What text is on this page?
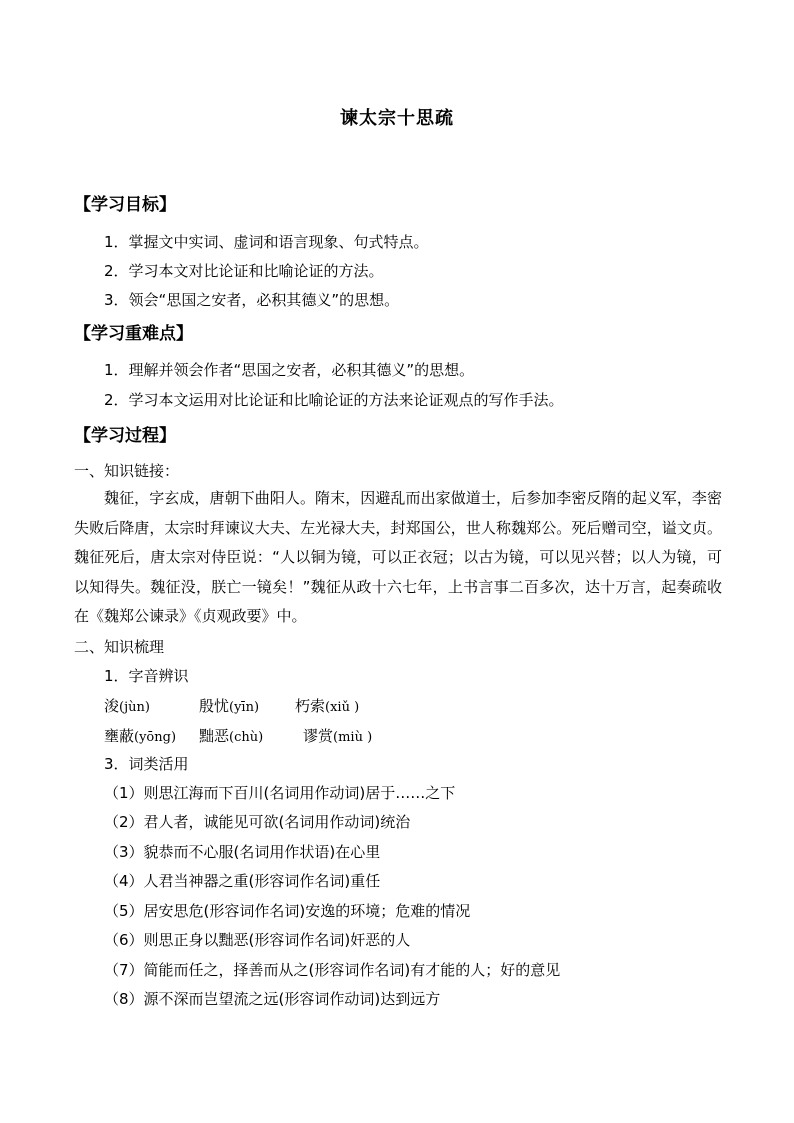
谏太宗十思疏
【学习目标】
1．掌握文中实词、虚词和语言现象、句式特点。
2．学习本文对比论证和比喻论证的方法。
3．领会“思国之安者，必积其德义”的思想。
【学习重难点】
1．理解并领会作者“思国之安者，必积其德义”的思想。
2．学习本文运用对比论证和比喻论证的方法来论证观点的写作手法。
【学习过程】
一、知识链接：
魏征，字玄成，唐朝下曲阳人。隋末，因避乱而出家做道士，后参加李密反隋的起义军，李密失败后降唐，太宗时拜谏议大夫、左光禄大夫，封郑国公，世人称魏郑公。死后赠司空，谥文贞。魏征死后，唐太宗对侍臣说：“人以铜为镜，可以正衣冠；以古为镜，可以见兴替；以人为镜，可以知得失。魏征没，朕亡一镜矣！”魏征从政十六七年，上书言事二百多次，达十万言，起奏疏收在《魏郑公谏录》《贞观政要》中。
二、知识梳理
1．字音辨识
浚(jùn)	殷忧(yīn) 朽索(xiǔ )
壅蔽(yōng) 黜恶(chù)	谬赏(miù )
3．词类活用
（1）则思江海而下百川(名词用作动词)居于……之下
（2）君人者，诚能见可欲(名词用作动词)统治
（3）貌恭而不心服(名词用作状语)在心里
（4）人君当神器之重(形容词作名词)重任
（5）居安思危(形容词作名词)安逸的环境；危难的情况
（6）则思正身以黜恶(形容词作名词)奸恶的人
（7）简能而任之，择善而从之(形容词作名词)有才能的人；好的意见
（8）源不深而岂望流之远(形容词作动词)达到远方
